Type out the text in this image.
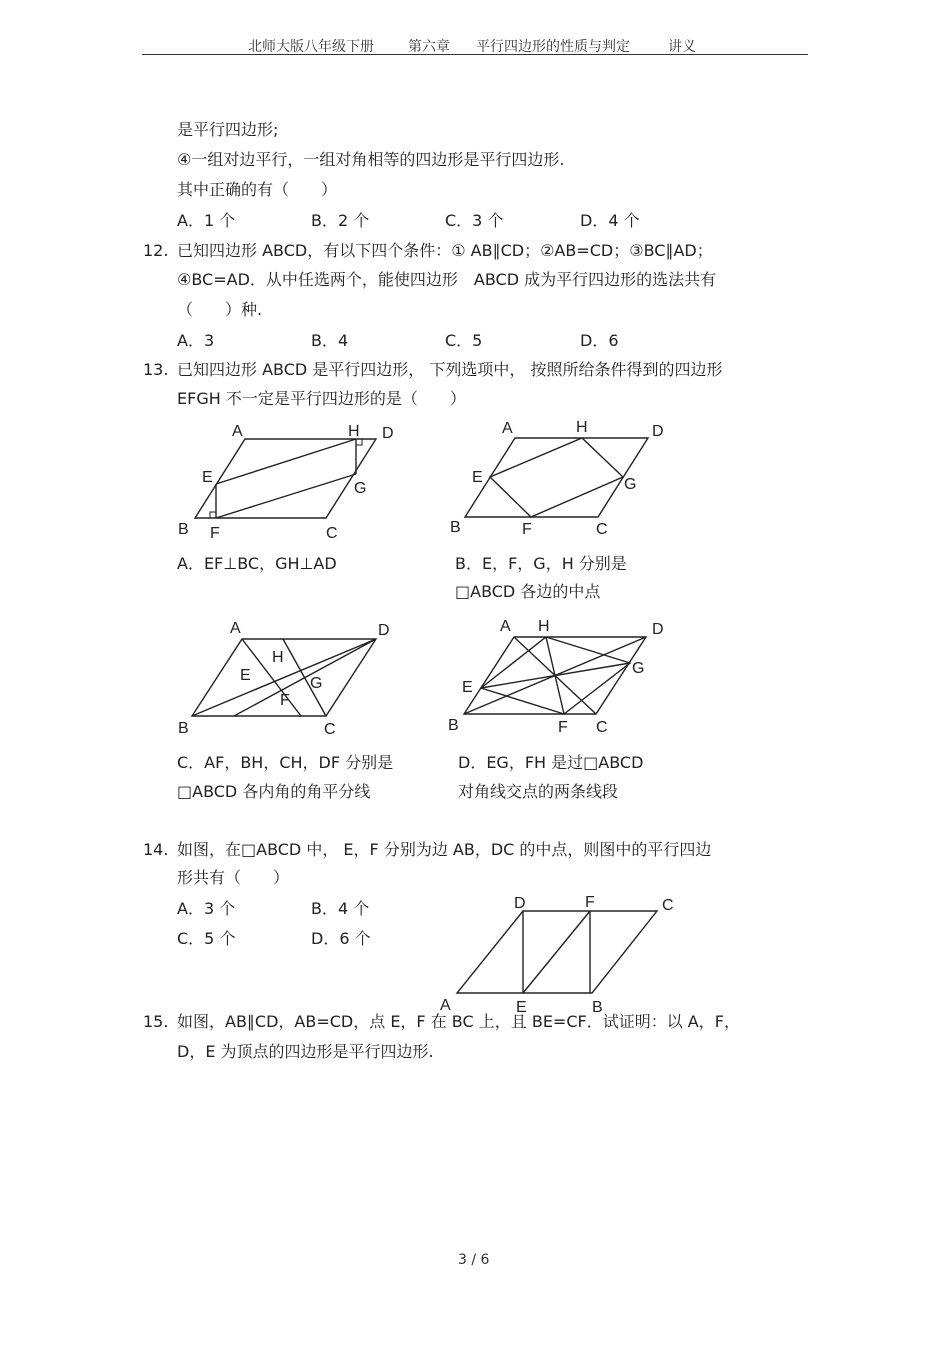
北师大版八年级下册 第六章 平行四边形的性质与判定	讲义
是平行四边形;
④一组对边平行，一组对角相等的四边形是平行四边形.
其中正确的有（　　）
A．1 个	B．2 个	C．3 个	D．4 个
12. 已知四边形 ABCD，有以下四个条件：① AB∥CD；②AB=CD；③BC∥AD；
④BC=AD．从中任选两个，能使四边形　ABCD 成为平行四边形的选法共有
（　　）种.
A．3	B．4	C．5	D．6
13. 已知四边形 ABCD 是平行四边形， 下列选项中， 按照所给条件得到的四边形
EFGH 不一定是平行四边形的是（　　）
A	H D
E
G
B F	C
A	H	D
E	G
B	F	C
A．EF⊥BC，GH⊥AD	B．E，F，G，H 分别是
□ABCD 各边的中点
A	D
H
E	G
F
B	C
A H	D
G
E
B	F C
C．AF，BH，CH，DF 分别是
□ABCD 各内角的角平分线
D．EG，FH 是过□ABCD
对角线交点的两条线段
14. 如图，在□ABCD 中， E，F 分别为边 AB，DC 的中点，则图中的平行四边
形共有（　　）
A．3 个	B．4 个
C．5 个	D．6 个
D	F	C
A	E	B
15. 如图，AB∥CD，AB=CD，点 E，F 在 BC 上，且 BE=CF．试证明：以 A，F，
D，E 为顶点的四边形是平行四边形.
3 / 6
